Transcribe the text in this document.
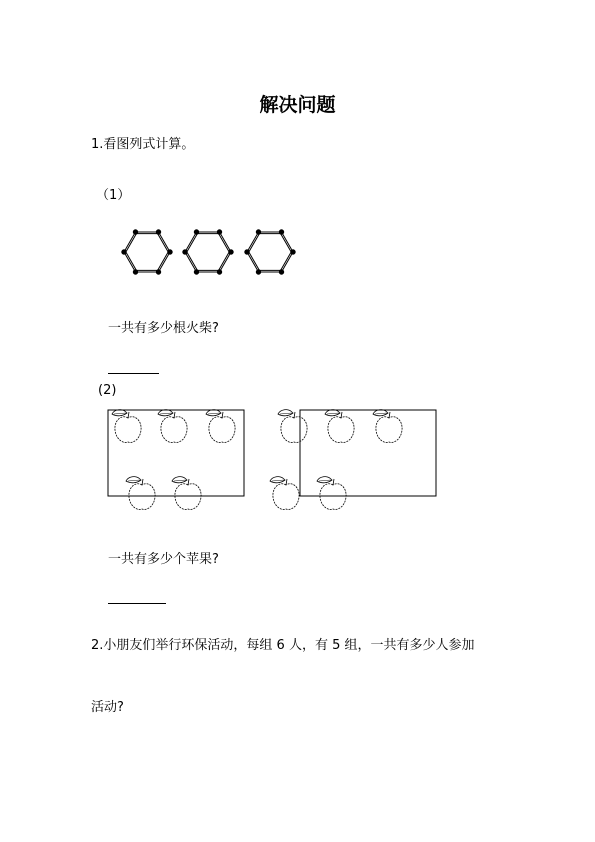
解决问题
1.看图列式计算。
（1）
一共有多少根火柴?
(2)
一共有多少个苹果?
2.小朋友们举行环保活动，每组 6 人，有 5 组，一共有多少人参加
活动?
